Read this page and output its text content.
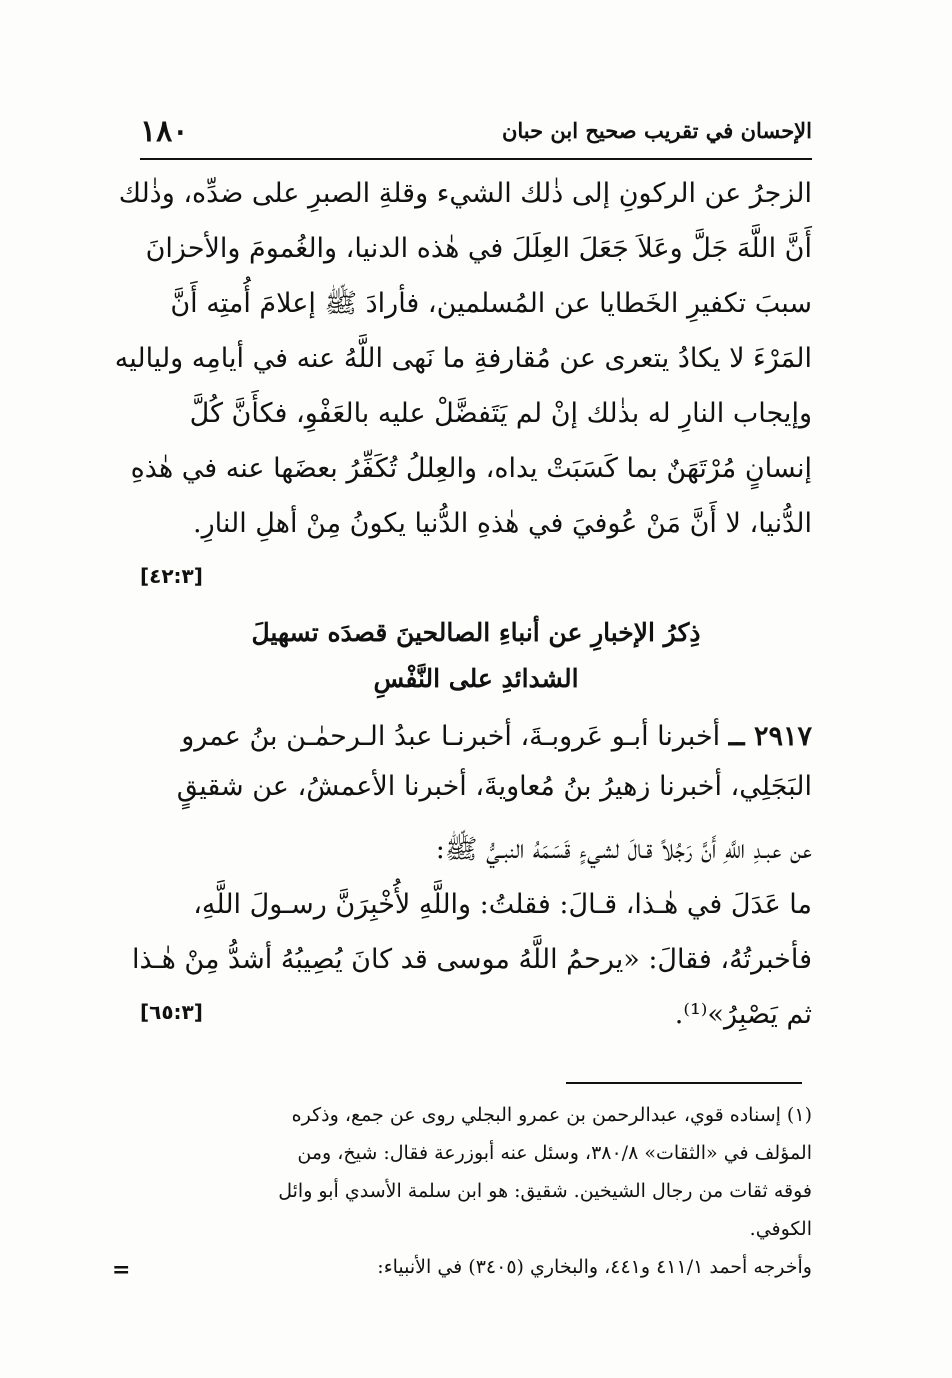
١٨٠	الإحسان في تقريب صحيح ابن حبان
الزجرُ عن الركونِ إلى ذٰلك الشيء وقلةِ الصبرِ على ضدِّه، وذٰلك
أَنَّ اللَّهَ جَلَّ وعَلاَ جَعَلَ العِلَلَ في هٰذه الدنيا، والغُمومَ والأحزانَ
سببَ تكفيرِ الخَطايا عن المُسلمين، فأرادَ ﷺ إعلامَ أُمتِه أَنَّ
المَرْءَ لا يكادُ يتعرى عن مُقارفةِ ما نَهى اللَّهُ عنه في أيامِه ولياليه
وإيجاب النارِ له بذٰلك إنْ لم يَتَفضَّلْ عليه بالعَفْوِ، فكأَنَّ كُلَّ
إنسانٍ مُرْتَهَنٌ بما كَسَبَتْ يداه، والعِللُ تُكَفِّرُ بعضَها عنه في هٰذهِ
الدُّنيا، لا أَنَّ مَنْ عُوفيَ في هٰذهِ الدُّنيا يكونُ مِنْ أهلِ النارِ.
[٤٢:٣]
ذِكرُ الإخبارِ عن أنباءِ الصالحينَ قصدَه تسهيلَ
الشدائدِ على النَّفْسِ
٢٩١٧ ــ أخبرنا أبـو عَروبـةَ، أخبرنـا عبدُ الـرحمٰـن بنُ عمرو
البَجَلِي، أخبرنا زهيرُ بنُ مُعاويةَ، أخبرنا الأعمشُ، عن شقيقٍ
عن عبـدِ اللَّهِ أَنَّ رَجُلاً قـالَ لشيءٍ قَسَمَهُ النبـيُّ ﷺ:
ما عَدَلَ في هٰـذا، قـالَ: فقلتُ: واللَّهِ لأُخْبِرَنَّ رسـولَ اللَّهِ،
فأخبرتُهُ، فقالَ: «يرحمُ اللَّهُ موسى قد كانَ يُصِيبُهُ أشدُّ مِنْ هٰـذا
ثم يَصْبِرُ»⁽¹⁾.
[٦٥:٣]
(١) إسناده قوي، عبدالرحمن بن عمرو البجلي روى عن جمع، وذكره
المؤلف في «الثقات» ٣٨٠/٨، وسئل عنه أبوزرعة فقال: شيخ، ومن
فوقه ثقات من رجال الشيخين. شقيق: هو ابن سلمة الأسدي أبو وائل
الكوفي.
وأخرجه أحمد ٤١١/١ و٤٤١، والبخاري (٣٤٠٥) في الأنبياء:
=
